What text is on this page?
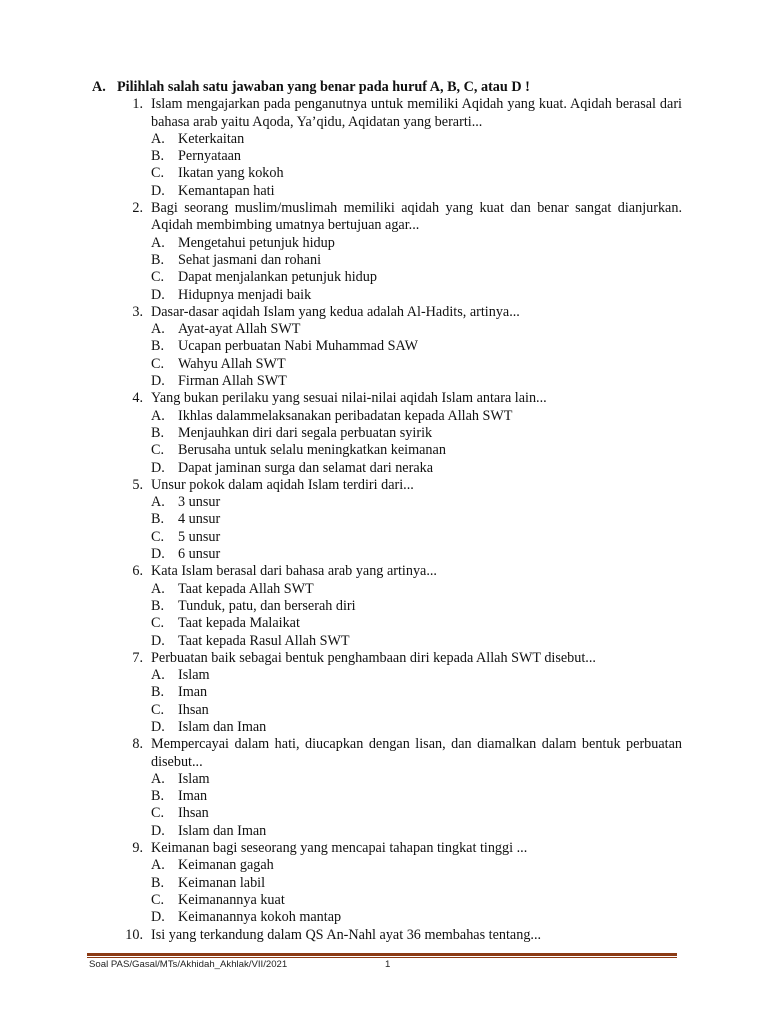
A. Pilihlah salah satu jawaban yang benar pada huruf A, B, C, atau D !
1. Islam mengajarkan pada penganutnya untuk memiliki Aqidah yang kuat. Aqidah berasal dari bahasa arab yaitu Aqoda, Ya’qidu, Aqidatan yang berarti...
A. Keterkaitan
B. Pernyataan
C. Ikatan yang kokoh
D. Kemantapan hati
2. Bagi seorang muslim/muslimah memiliki aqidah yang kuat dan benar sangat dianjurkan. Aqidah membimbing umatnya bertujuan agar...
A. Mengetahui petunjuk hidup
B. Sehat jasmani dan rohani
C. Dapat menjalankan petunjuk hidup
D. Hidupnya menjadi baik
3. Dasar-dasar aqidah Islam yang kedua adalah Al-Hadits, artinya...
A. Ayat-ayat Allah SWT
B. Ucapan perbuatan Nabi Muhammad SAW
C. Wahyu Allah SWT
D. Firman Allah SWT
4. Yang bukan perilaku yang sesuai nilai-nilai aqidah Islam antara lain...
A. Ikhlas dalammelaksanakan peribadatan kepada Allah SWT
B. Menjauhkan diri dari segala perbuatan syirik
C. Berusaha untuk selalu meningkatkan keimanan
D. Dapat jaminan surga dan selamat dari neraka
5. Unsur pokok dalam aqidah Islam terdiri dari...
A. 3 unsur
B. 4 unsur
C. 5 unsur
D. 6 unsur
6. Kata Islam berasal dari bahasa arab yang artinya...
A. Taat kepada Allah SWT
B. Tunduk, patu, dan berserah diri
C. Taat kepada Malaikat
D. Taat kepada Rasul Allah SWT
7. Perbuatan baik sebagai bentuk penghambaan diri kepada Allah SWT disebut...
A. Islam
B. Iman
C. Ihsan
D. Islam dan Iman
8. Mempercayai dalam hati, diucapkan dengan lisan, dan diamalkan dalam bentuk perbuatan disebut...
A. Islam
B. Iman
C. Ihsan
D. Islam dan Iman
9. Keimanan bagi seseorang yang mencapai tahapan tingkat tinggi ...
A. Keimanan gagah
B. Keimanan labil
C. Keimanannya kuat
D. Keimanannya kokoh mantap
10. Isi yang terkandung dalam QS An-Nahl ayat 36 membahas tentang...
Soal PAS/Gasal/MTs/Akhidah_Akhlak/VII/2021	1
